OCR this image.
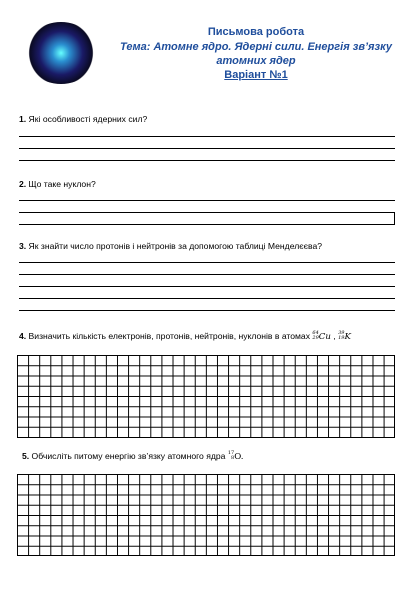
Письмова робота
Тема: Атомне ядро. Ядерні сили. Енергія зв’язку атомних ядер
Варіант №1
1. Які особливості ядерних сил?
2. Що таке нуклон?
3. Як знайти число протонів і нейтронів за допомогою таблиці Менделєєва?
4. Визначить кількість електронів, протонів, нейтронів, нуклонів в атомах 64
29Cu , 39
19K
5. Обчисліть питому енергію зв’язку атомного ядра 17
8O.
